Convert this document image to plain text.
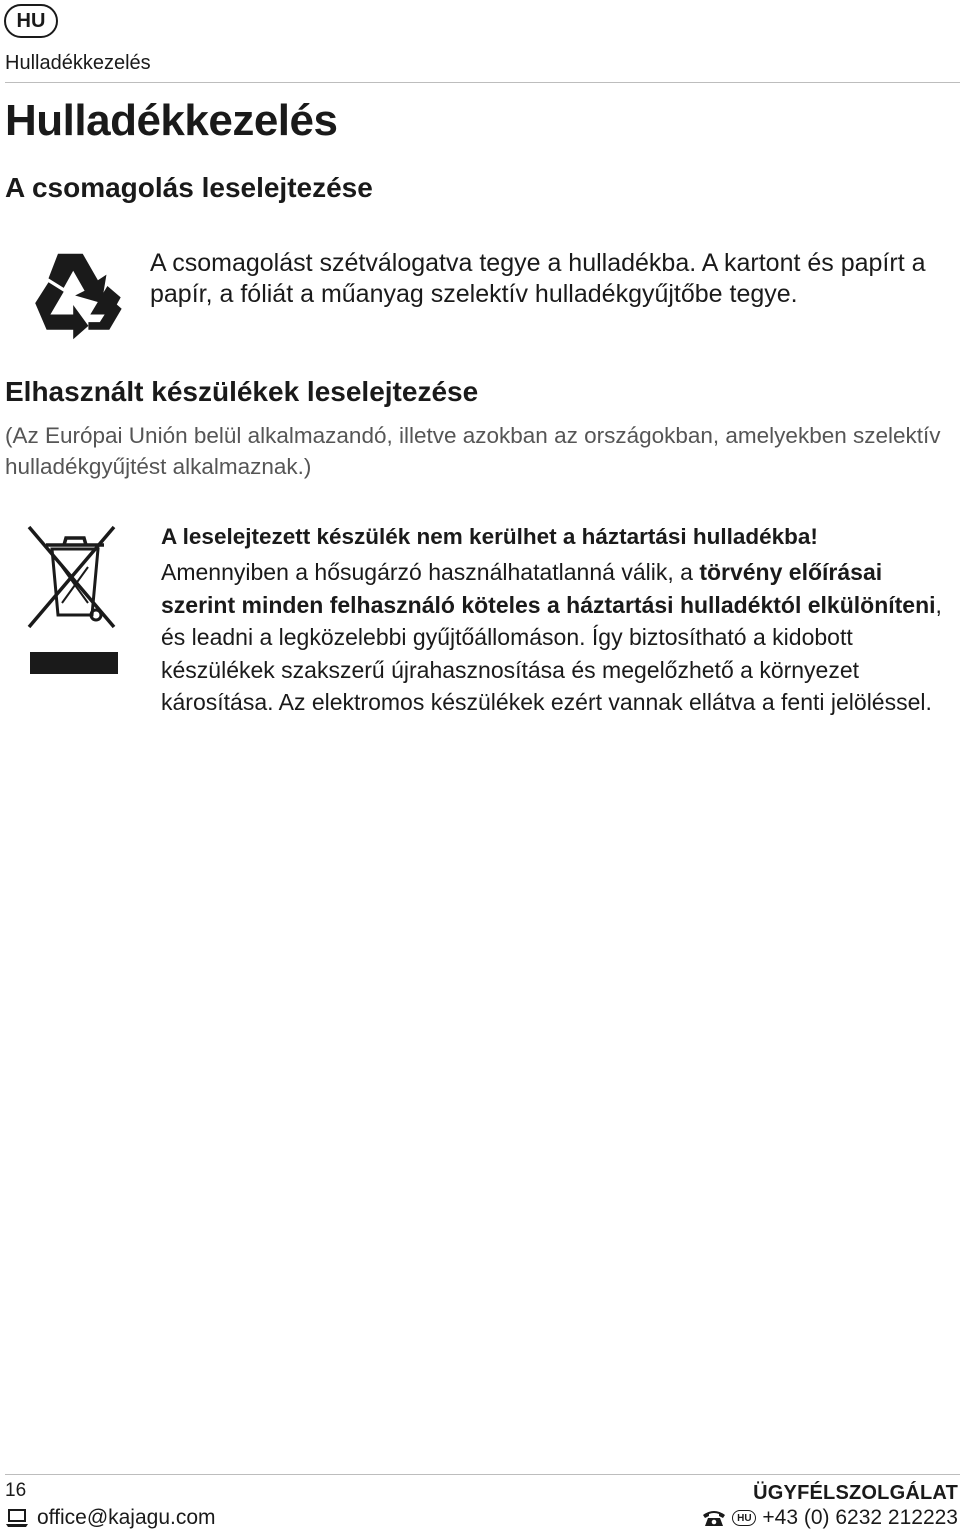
HU
Hulladékkezelés
Hulladékkezelés
A csomagolás leselejtezése
A csomagolást szétválogatva tegye a hulladékba. A kartont és papírt a papír, a fóliát a műanyag szelektív hulladékgyűjtőbe tegye.
Elhasznált készülékek leselejtezése
(Az Európai Unión belül alkalmazandó, illetve azokban az országokban, amelyekben szelektív hulladékgyűjtést alkalmaznak.)
A leselejtezett készülék nem kerülhet a háztartási hulladékba!
Amennyiben a hősugárzó használhatatlanná válik, a törvény előírásai szerint minden felhasználó köteles a háztartási hulladéktól elkülöníteni, és leadni a legközelebbi gyűjtőállomáson. Így biztosítható a kidobott készülékek szakszerű újrahasznosítása és megelőzhető a környezet károsítása. Az elektromos készülékek ezért vannak ellátva a fenti jelöléssel.
16	ÜGYFÉLSZOLGÁLAT
office@kajagu.com	HU +43 (0) 6232 212223
